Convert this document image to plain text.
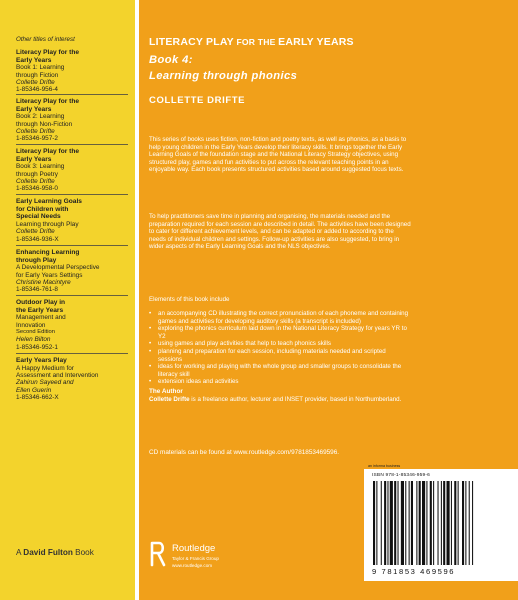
Other titles of interest
Literacy Play for the
Early Years
Book 1: Learning
through Fiction
Collette Drifte
1-85346-956-4
Literacy Play for the
Early Years
Book 2: Learning
through Non-Fiction
Collette Drifte
1-85346-957-2
Literacy Play for the
Early Years
Book 3: Learning
through Poetry
Collette Drifte
1-85346-958-0
Early Learning Goals
for Children with
Special Needs
Learning through Play
Collette Drifte
1-85346-936-X
Enhancing Learning
through Play
A Developmental Perspective
for Early Years Settings
Christine Macintyre
1-85346-761-8
Outdoor Play in
the Early Years
Management and
Innovation
Second Edition
Helen Bilton
1-85346-952-1
Early Years Play
A Happy Medium for
Assessment and Intervention
Zahirun Sayeed and
Ellen Guerin
1-85346-662-X
A David Fulton Book
LITERACY PLAY FOR THE EARLY YEARS
Book 4:
Learning through phonics
COLLETTE DRIFTE
This series of books uses fiction, non-fiction and poetry texts, as well as phonics, as a basis to help young children in the Early Years develop their literacy skills. It brings together the Early Learning Goals of the foundation stage and the National Literacy Strategy objectives, using structured play, games and fun activities to put across the relevant teaching points in an enjoyable way. Each book presents structured activities based around suggested focus texts.
To help practitioners save time in planning and organising, the materials needed and the preparation required for each session are described in detail. The activities have been designed to cater for different achievement levels, and can be adapted or added to according to the needs of individual children and settings. Follow-up activities are also suggested, to bring in wider aspects of the Early Learning Goals and the NLS objectives.
Elements of this book include
• an accompanying CD illustrating the correct pronunciation of each phoneme and containing games and activities for developing auditory skills (a transcript is included)
• exploring the phonics curriculum laid down in the National Literacy Strategy for years YR to Y2
• using games and play activities that help to teach phonics skills
• planning and preparation for each session, including materials needed and scripted sessions
• ideas for working and playing with the whole group and smaller groups to consolidate the literacy skill
• extension ideas and activities
The Author
Collette Drifte is a freelance author, lecturer and INSET provider, based in Northumberland.
CD materials can be found at www.routledge.com/9781853469596.
Routledge
Taylor & Francis Group
www.routledge.com
an informa business
ISBN 978-1-85346-959-6
9 781853 469596
